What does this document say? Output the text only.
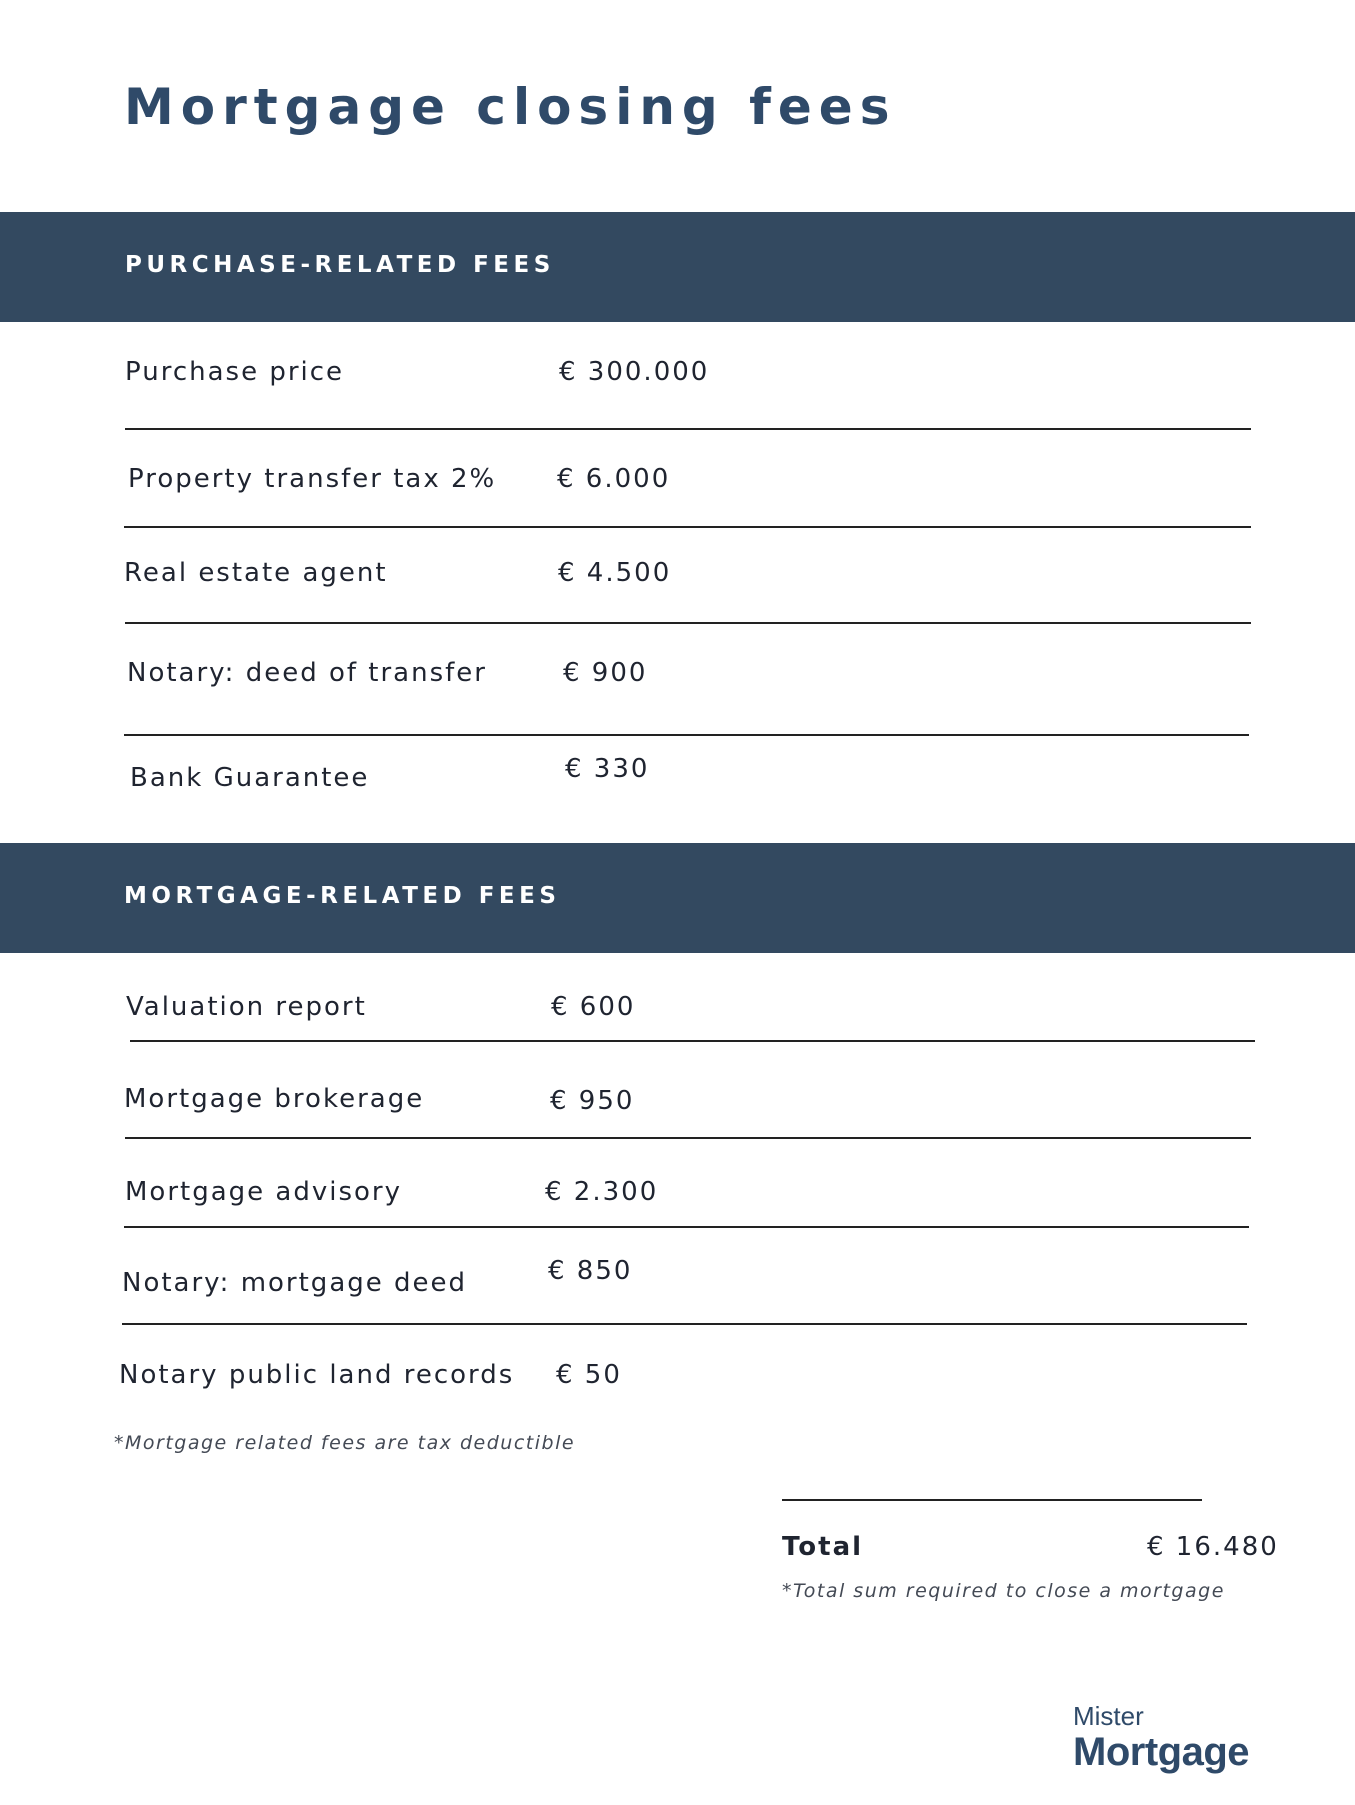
Mortgage closing fees
PURCHASE-RELATED FEES
Purchase price	€ 300.000
Property transfer tax 2% € 6.000
Real estate agent	€ 4.500
Notary: deed of transfer	€ 900
Bank Guarantee	€ 330
MORTGAGE-RELATED FEES
Valuation report	€ 600
Mortgage brokerage	€ 950
Mortgage advisory	€ 2.300
Notary: mortgage deed	€ 850
Notary public land records € 50
*Mortgage related fees are tax deductible
Total	€ 16.480
*Total sum required to close a mortgage
Mister
Mortgage
